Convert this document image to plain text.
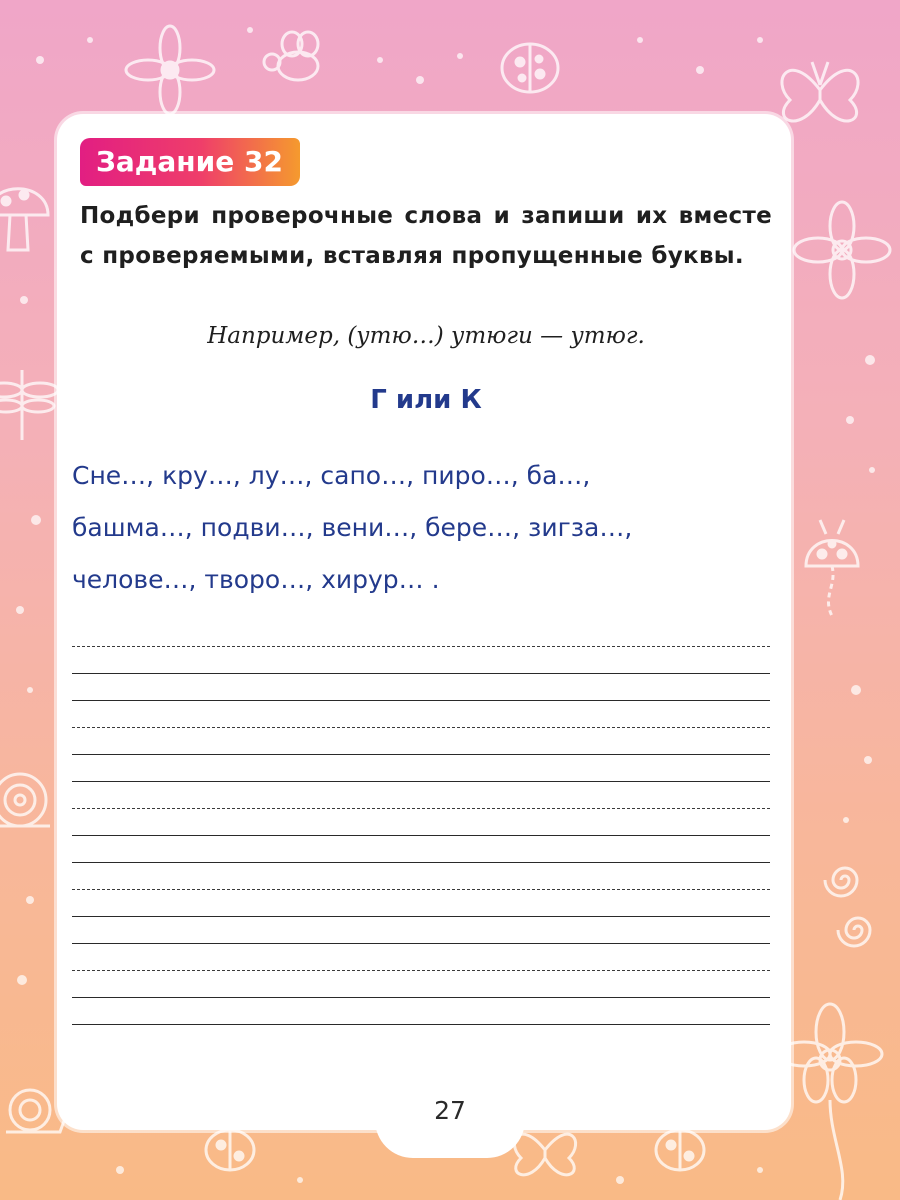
Задание 32
Подбери проверочные слова и запиши их вместе с проверяемыми, вставляя пропущенные буквы.
Например, (утю…) утюги — утюг.
Г или К
Сне…, кру…, лу…, сапо…, пиро…, ба…,
башма…, подви…, вени…, бере…, зигза…,
челове…, творо…, хирур… .
27
